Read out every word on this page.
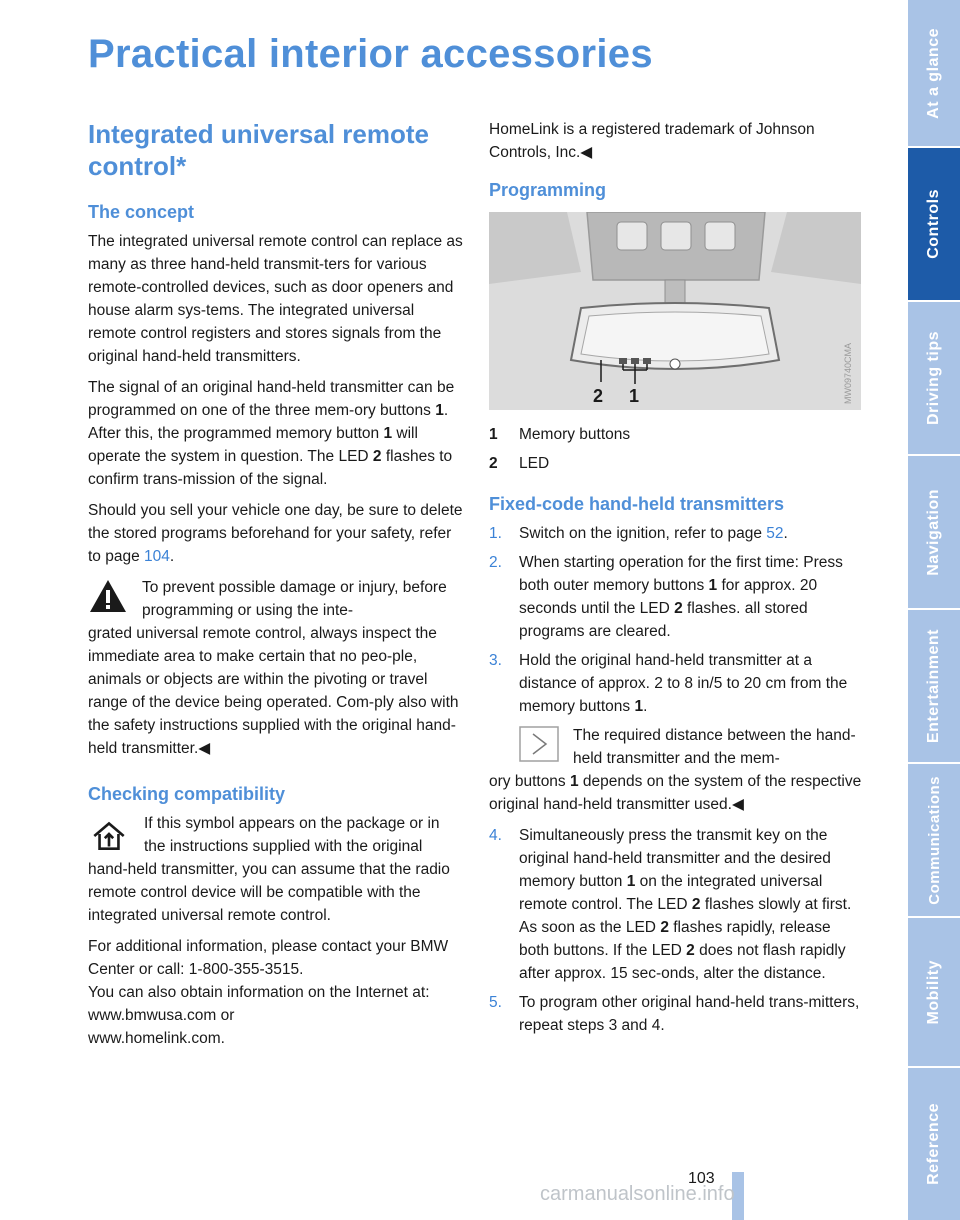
Practical interior accessories
Integrated universal remote control*
The concept

The integrated universal remote control can replace as many as three hand-held transmit-ters for various remote-controlled devices, such as door openers and house alarm sys-tems. The integrated universal remote control registers and stores signals from the original hand-held transmitters.

The signal of an original hand-held transmitter can be programmed on one of the three mem-ory buttons 1. After this, the programmed memory button 1 will operate the system in question. The LED 2 flashes to confirm trans-mission of the signal.

Should you sell your vehicle one day, be sure to delete the stored programs beforehand for your safety, refer to page 104.

To prevent possible damage or injury, before programming or using the inte-
grated universal remote control, always inspect the immediate area to make certain that no peo-ple, animals or objects are within the pivoting or travel range of the device being operated. Com-ply also with the safety instructions supplied with the original hand-held transmitter.◀
Checking compatibility
If this symbol appears on the package or in the instructions supplied with the original hand-held transmitter, you can assume that the radio remote control device will be compatible with the integrated universal remote control.

For additional information, please contact your BMW Center or call: 1-800-355-3515.

You can also obtain information on the Internet at:

www.bmwusa.com or
www.homelink.com.

HomeLink is a registered trademark of Johnson Controls, Inc.◀

Programming
2 1	MW09740CMA
1	Memory buttons
2	LED
Fixed-code hand-held transmitters
1.	Switch on the ignition, refer to page 52.
2.	When starting operation for the first time: Press both outer memory buttons 1 for approx. 20 seconds until the LED 2 flashes. all stored programs are cleared.
3.	Hold the original hand-held transmitter at a distance of approx. 2 to 8 in/5 to 20 cm from the memory buttons 1.
The required distance between the hand-held transmitter and the mem-

ory buttons 1 depends on the system of the respective original hand-held transmitter used.◀

4.	Simultaneously press the transmit key on the original hand-held transmitter and the desired memory button 1 on the integrated universal remote control. The LED 2 flashes slowly at first. As soon as the LED 2 flashes rapidly, release both buttons. If the LED 2 does not flash rapidly after approx. 15 sec-onds, alter the distance.
5.	To program other original hand-held trans-mitters, repeat steps 3 and 4.
At a glance
Controls
Driving tips
Navigation
Entertainment
Communications
Mobility
Reference
103
carmanualsonline.info
